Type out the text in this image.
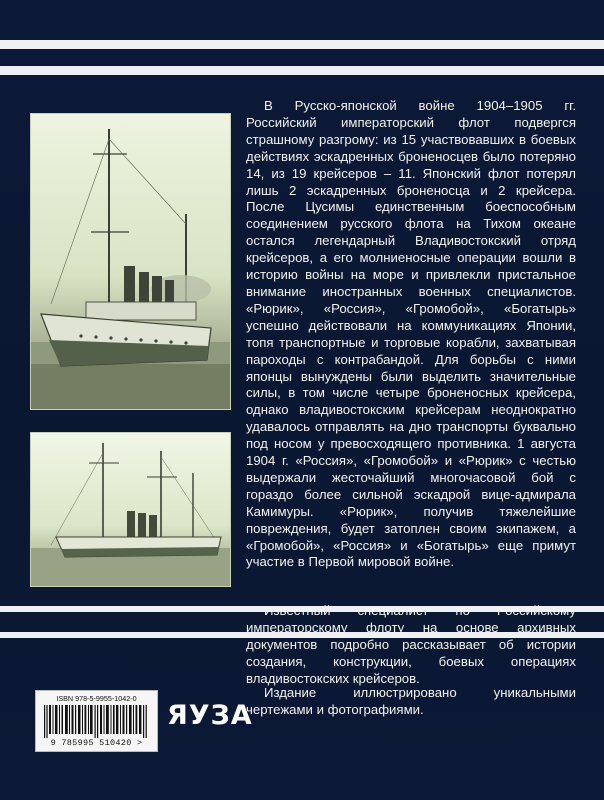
В Русско-японской войне 1904–1905 гг. Российский императорский флот подвергся страшному разгрому: из 15 участвовавших в боевых действиях эскадренных броненосцев было потеряно 14, из 19 крейсеров – 11. Японский флот потерял лишь 2 эскадренных броненосца и 2 крейсера. После Цусимы единственным боеспособным соединением русского флота на Тихом океане остался легендарный Владивостокский отряд крейсеров, а его молниеносные операции вошли в историю войны на море и привлекли пристальное внимание иностранных военных специалистов. «Рюрик», «Россия», «Громобой», «Богатырь» успешно действовали на коммуникациях Японии, топя транспортные и торговые корабли, захватывая пароходы с контрабандой. Для борьбы с ними японцы вынуждены были выделить значительные силы, в том числе четыре броненосных крейсера, однако владивостокским крейсерам неоднократно удавалось отправлять на дно транспорты буквально под носом у превосходящего противника. 1 августа 1904 г. «Россия», «Громобой» и «Рюрик» с честью выдержали жесточайший многочасовой бой с гораздо более сильной эскадрой вице-адмирала Камимуры. «Рюрик», получив тяжелейшие повреждения, будет затоплен своим экипажем, а «Громобой», «Россия» и «Богатырь» еще примут участие в Первой мировой войне.

Известный специалист по Российскому императорскому флоту на основе архивных документов подробно рассказывает об истории создания, конструкции, боевых операциях владивостокских крейсеров.

Издание иллюстрировано уникальными чертежами и фотографиями.

ISBN 978-5-9955-1042-0
9 785995 510420 >
ЯУЗА
